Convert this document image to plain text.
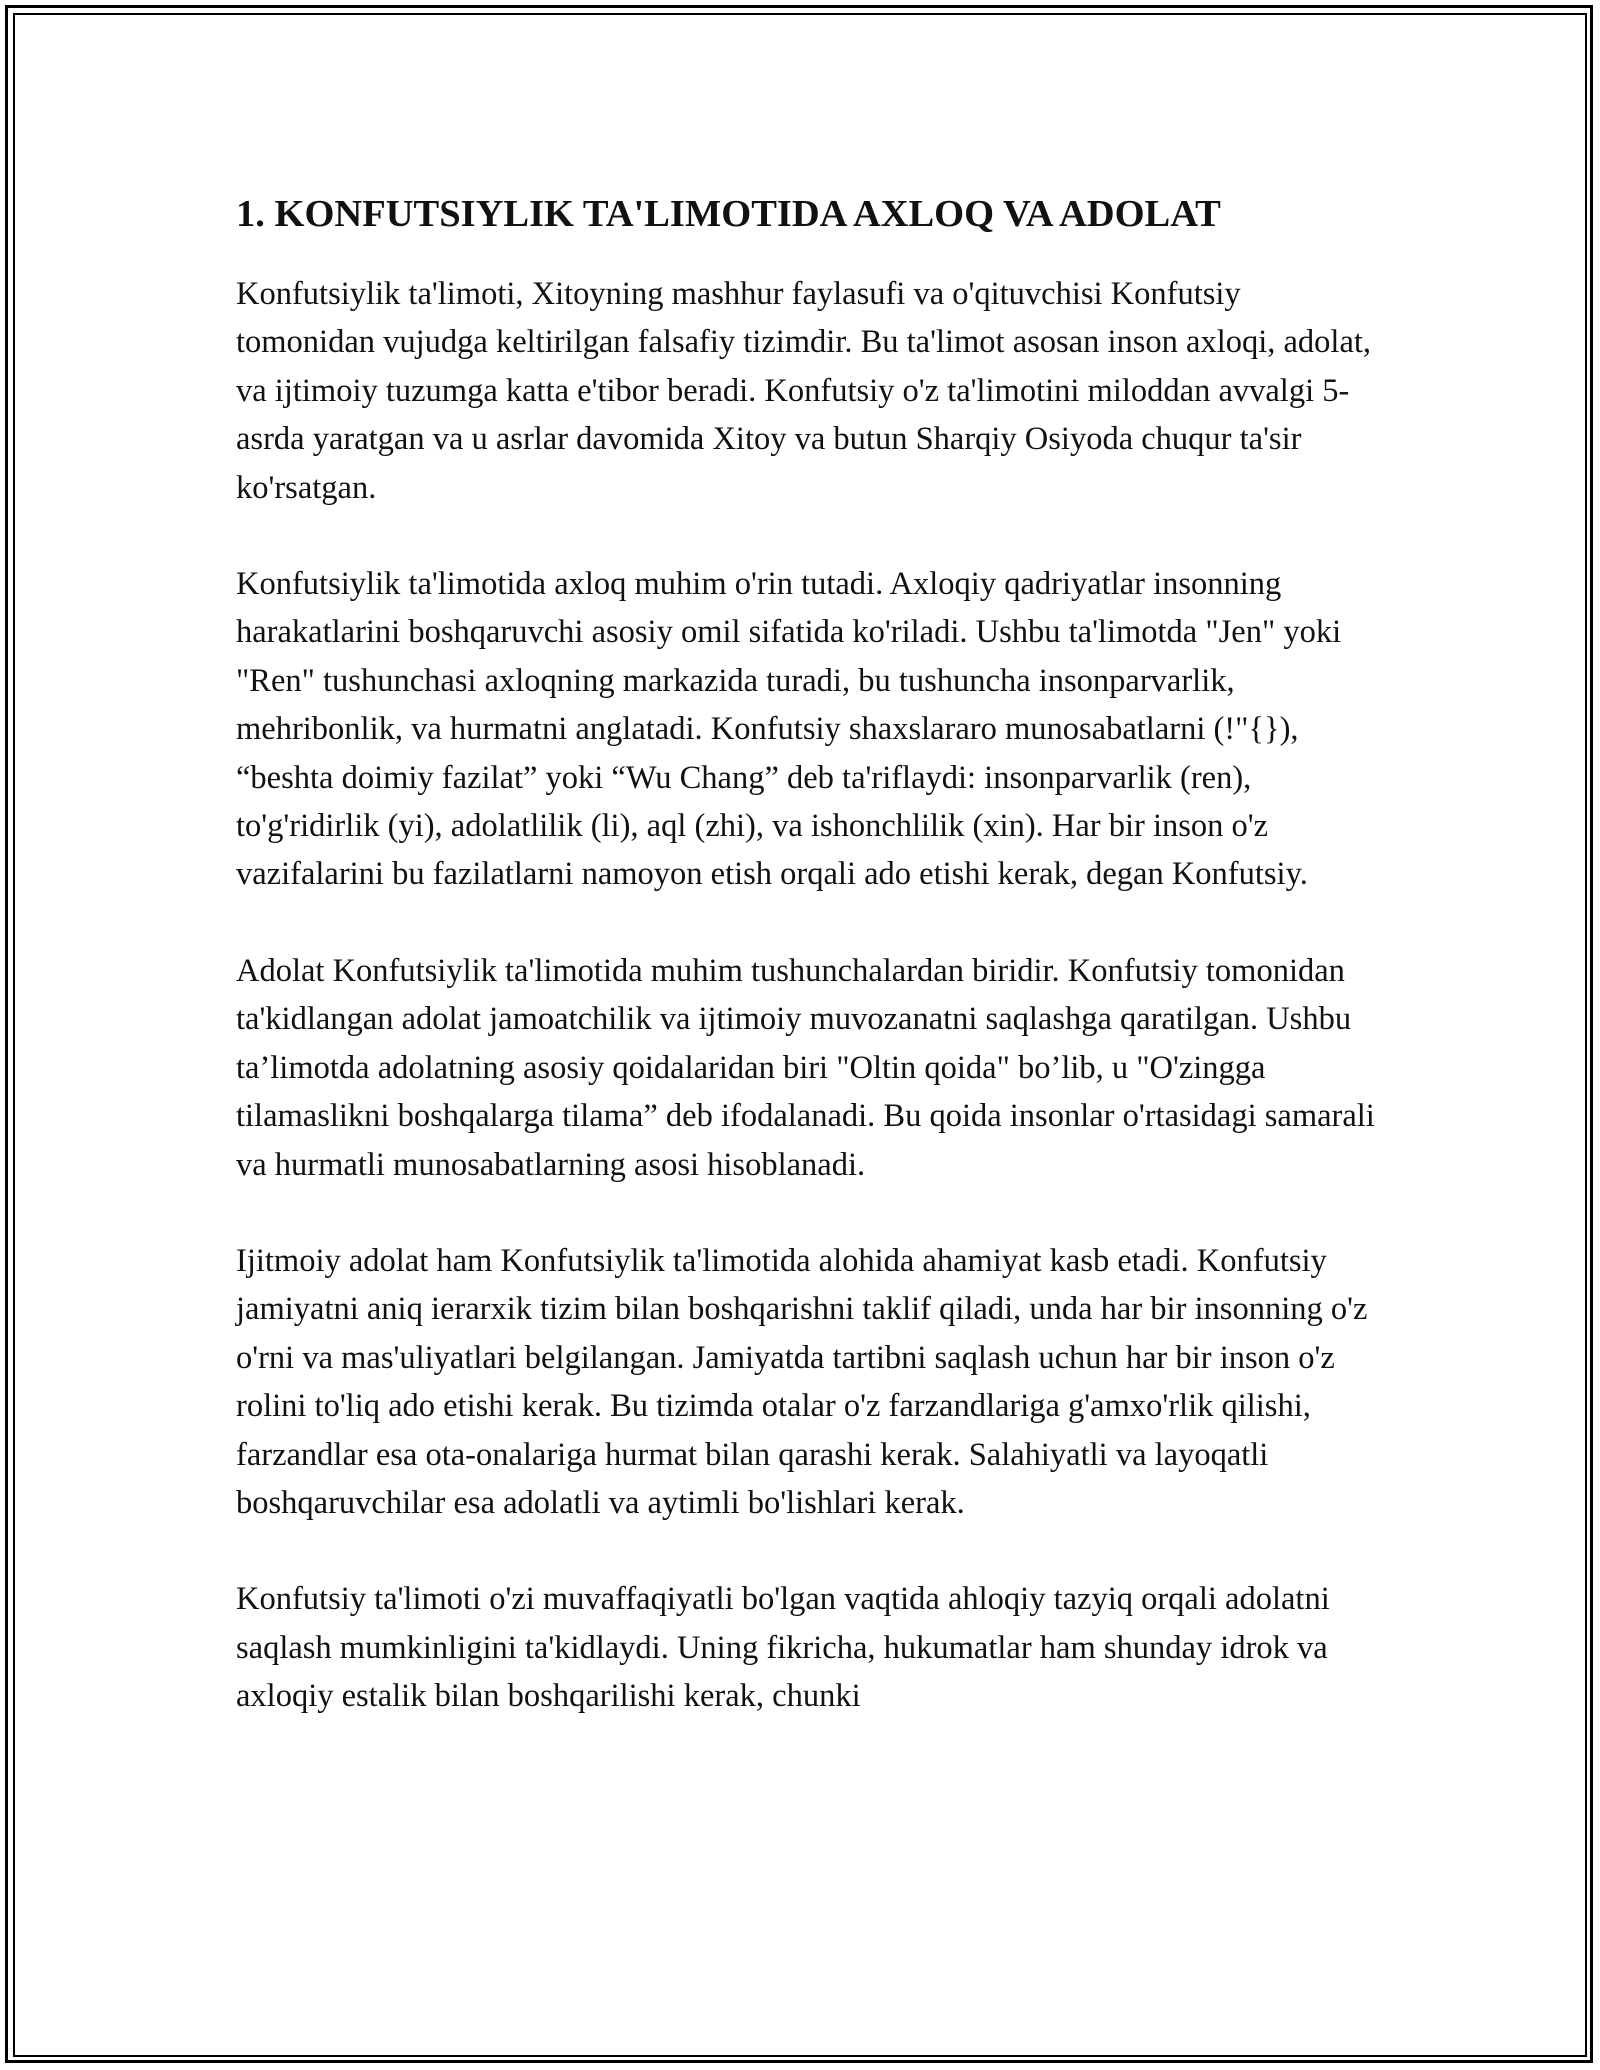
1. KONFUTSIYLIK TA'LIMOTIDA AXLOQ VA ADOLAT

Konfutsiylik ta'limoti, Xitoyning mashhur faylasufi va o'qituvchisi Konfutsiy tomonidan vujudga keltirilgan falsafiy tizimdir. Bu ta'limot asosan inson axloqi, adolat, va ijtimoiy tuzumga katta e'tibor beradi. Konfutsiy o'z ta'limotini miloddan avvalgi 5-asrda yaratgan va u asrlar davomida Xitoy va butun Sharqiy Osiyoda chuqur ta'sir ko'rsatgan.

Konfutsiylik ta'limotida axloq muhim o'rin tutadi. Axloqiy qadriyatlar insonning harakatlarini boshqaruvchi asosiy omil sifatida ko'riladi. Ushbu ta'limotda "Jen" yoki "Ren" tushunchasi axloqning markazida turadi, bu tushuncha insonparvarlik, mehribonlik, va hurmatni anglatadi. Konfutsiy shaxslararo munosabatlarni (!"{}), “beshta doimiy fazilat” yoki “Wu Chang” deb ta'riflaydi: insonparvarlik (ren), to'g'ridirlik (yi), adolatlilik (li), aql (zhi), va ishonchlilik (xin). Har bir inson o'z vazifalarini bu fazilatlarni namoyon etish orqali ado etishi kerak, degan Konfutsiy.

Adolat Konfutsiylik ta'limotida muhim tushunchalardan biridir. Konfutsiy tomonidan ta'kidlangan adolat jamoatchilik va ijtimoiy muvozanatni saqlashga qaratilgan. Ushbu ta’limotda adolatning asosiy qoidalaridan biri "Oltin qoida" bo’lib, u "O'zingga tilamaslikni boshqalarga tilama” deb ifodalanadi. Bu qoida insonlar o'rtasidagi samarali va hurmatli munosabatlarning asosi hisoblanadi.

Ijitmoiy adolat ham Konfutsiylik ta'limotida alohida ahamiyat kasb etadi. Konfutsiy jamiyatni aniq ierarxik tizim bilan boshqarishni taklif qiladi, unda har bir insonning o'z o'rni va mas'uliyatlari belgilangan. Jamiyatda tartibni saqlash uchun har bir inson o'z rolini to'liq ado etishi kerak. Bu tizimda otalar o'z farzandlariga g'amxo'rlik qilishi, farzandlar esa ota-onalariga hurmat bilan qarashi kerak. Salahiyatli va layoqatli boshqaruvchilar esa adolatli va aytimli bo'lishlari kerak.

Konfutsiy ta'limoti o'zi muvaffaqiyatli bo'lgan vaqtida ahloqiy tazyiq orqali adolatni saqlash mumkinligini ta'kidlaydi. Uning fikricha, hukumatlar ham shunday idrok va axloqiy estalik bilan boshqarilishi kerak, chunki
